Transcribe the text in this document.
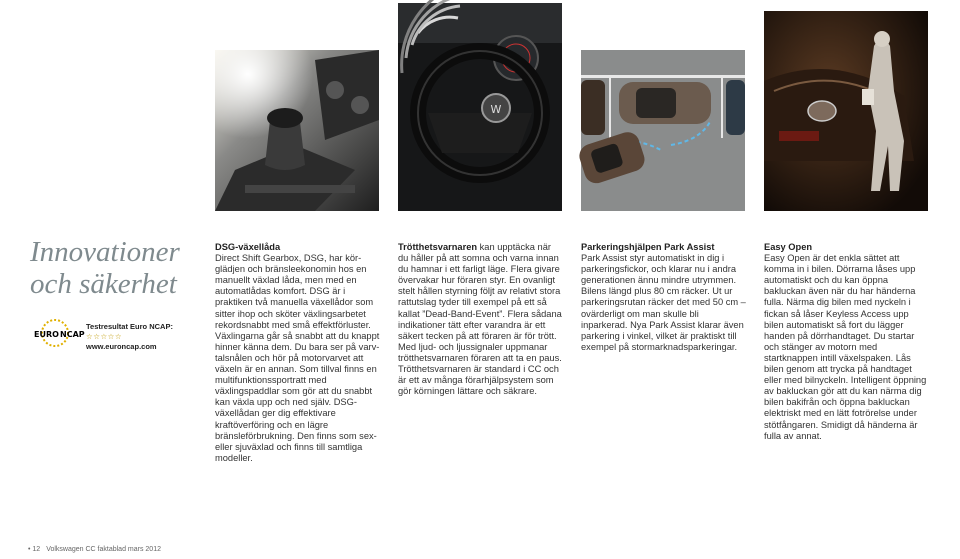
W
Innovationer
och säkerhet
EURO NCAP
Testresultat Euro NCAP: ☆☆☆☆☆
www.euroncap.com

DSG-växellåda

Direct Shift Gearbox, DSG, har körglädjen och bränsleekonomin hos en manuellt växlad låda, men med en automatlådas komfort. DSG är i praktiken två manuella växellådor som sitter ihop och sköter växlingsarbetet rekordsnabbt med små effektförluster. Växlingarna går så snabbt att du knappt hinner känna dem. Du bara ser på varvtalsnålen och hör på motorvarvet att växeln är en annan. Som tillval finns en multifunktionssportratt med växlingspaddlar som gör att du snabbt kan växla upp och ned själv. DSG-växellådan ger dig effektivare kraftöverföring och en lägre bränsleförbrukning. Den finns som sex- eller sjuväxlad och finns till samtliga modeller.

Trötthetsvarnaren kan upptäcka när du håller på att somna och varna innan du hamnar i ett farligt läge. Flera givare övervakar hur föraren styr. En ovanligt stelt hållen styrning följt av relativt stora rattutslag tyder till exempel på ett så kallat ”Dead-Band-Event”. Flera sådana indikationer tätt efter varandra är ett säkert tecken på att föraren är för trött. Med ljud- och ljussignaler uppmanar trötthetsvarnaren föraren att ta en paus. Trötthetsvarnaren är standard i CC och är ett av många förarhjälpsystem som gör körningen lättare och säkrare.

Parkeringshjälpen Park Assist

Park Assist styr automatiskt in dig i parkeringsfickor, och klarar nu i andra generationen ännu mindre utrymmen. Bilens längd plus 80 cm räcker. Ut ur parkeringsrutan räcker det med 50 cm – ovärderligt om man skulle bli inparkerad. Nya Park Assist klarar även parkering i vinkel, vilket är praktiskt till exempel på stormarknadsparkeringar.

Easy Open

Easy Open är det enkla sättet att komma in i bilen. Dörrarna låses upp automatiskt och du kan öppna bakluckan även när du har händerna fulla. Närma dig bilen med nyckeln i fickan så låser Keyless Access upp bilen automatiskt så fort du lägger handen på dörrhandtaget. Du startar och stänger av motorn med startknappen intill växelspaken. Lås bilen genom att trycka på handtaget eller med bilnyckeln. Intelligent öppning av bakluckan gör att du kan närma dig bilen bakifrån och öppna bakluckan elektriskt med en lätt fotrörelse under stötfångaren. Smidigt då händerna är fulla av annat.

• 12 Volkswagen CC faktablad mars 2012
